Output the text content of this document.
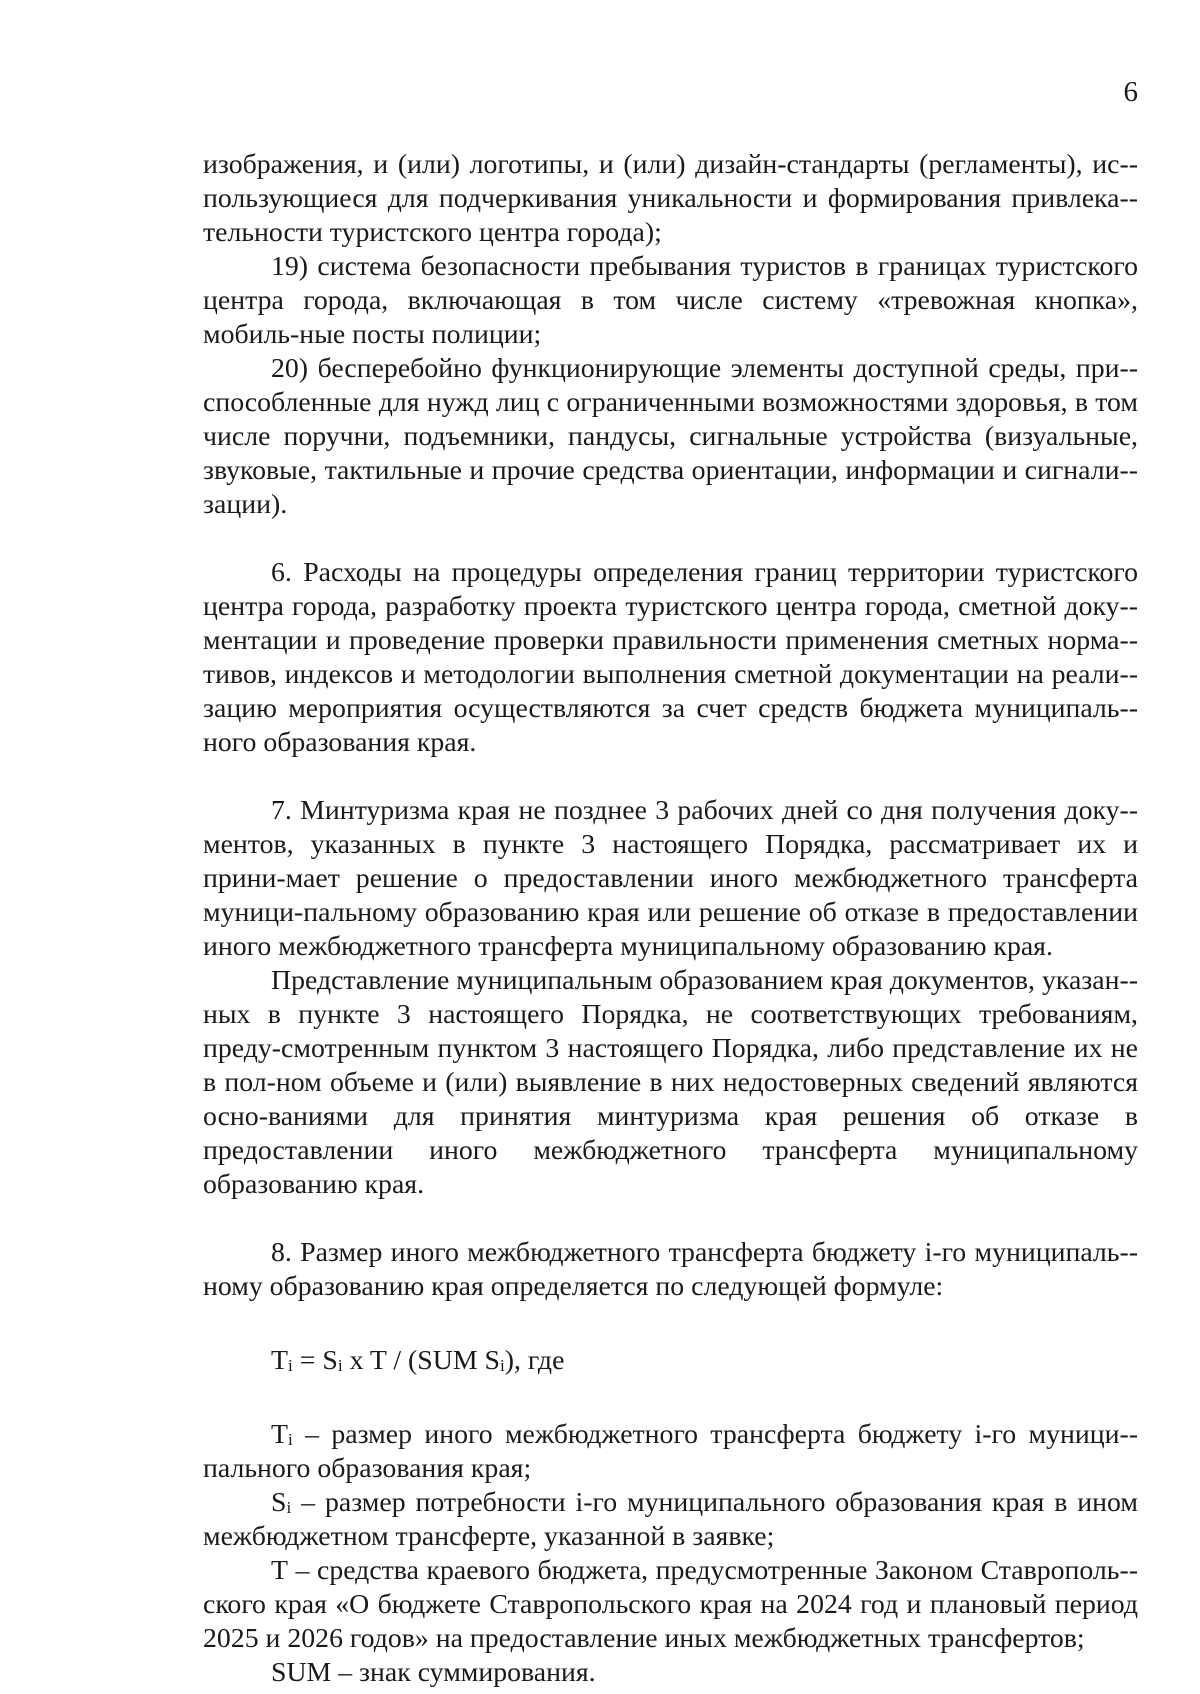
6

изображения, и (или) логотипы, и (или) дизайн-стандарты (регламенты), ис-пользующиеся для подчеркивания уникальности и формирования привлека-тельности туристского центра города);

19) система безопасности пребывания туристов в границах туристского центра города, включающая в том числе систему «тревожная кнопка», мобиль-ные посты полиции;

20) бесперебойно функционирующие элементы доступной среды, при-способленные для нужд лиц с ограниченными возможностями здоровья, в том числе поручни, подъемники, пандусы, сигнальные устройства (визуальные, звуковые, тактильные и прочие средства ориентации, информации и сигнали-зации).

6. Расходы на процедуры определения границ территории туристского центра города, разработку проекта туристского центра города, сметной доку-ментации и проведение проверки правильности применения сметных норма-тивов, индексов и методологии выполнения сметной документации на реали-зацию мероприятия осуществляются за счет средств бюджета муниципаль-ного образования края.

7. Минтуризма края не позднее 3 рабочих дней со дня получения доку-ментов, указанных в пункте 3 настоящего Порядка, рассматривает их и прини-мает решение о предоставлении иного межбюджетного трансферта муници-пальному образованию края или решение об отказе в предоставлении иного межбюджетного трансферта муниципальному образованию края.

Представление муниципальным образованием края документов, указан-ных в пункте 3 настоящего Порядка, не соответствующих требованиям, преду-смотренным пунктом 3 настоящего Порядка, либо представление их не в пол-ном объеме и (или) выявление в них недостоверных сведений являются осно-ваниями для принятия минтуризма края решения об отказе в предоставлении иного межбюджетного трансферта муниципальному образованию края.

8. Размер иного межбюджетного трансферта бюджету i-го муниципаль-ному образованию края определяется по следующей формуле:

$T_i = S_i$ x T / (SUM $S_i$), где

$T_i$ – размер иного межбюджетного трансферта бюджету i-го муници-пального образования края;

$S_i$ – размер потребности i-го муниципального образования края в ином межбюджетном трансферте, указанной в заявке;

Т – средства краевого бюджета, предусмотренные Законом Ставрополь-ского края «О бюджете Ставропольского края на 2024 год и плановый период 2025 и 2026 годов» на предоставление иных межбюджетных трансфертов;

SUM – знак суммирования.
